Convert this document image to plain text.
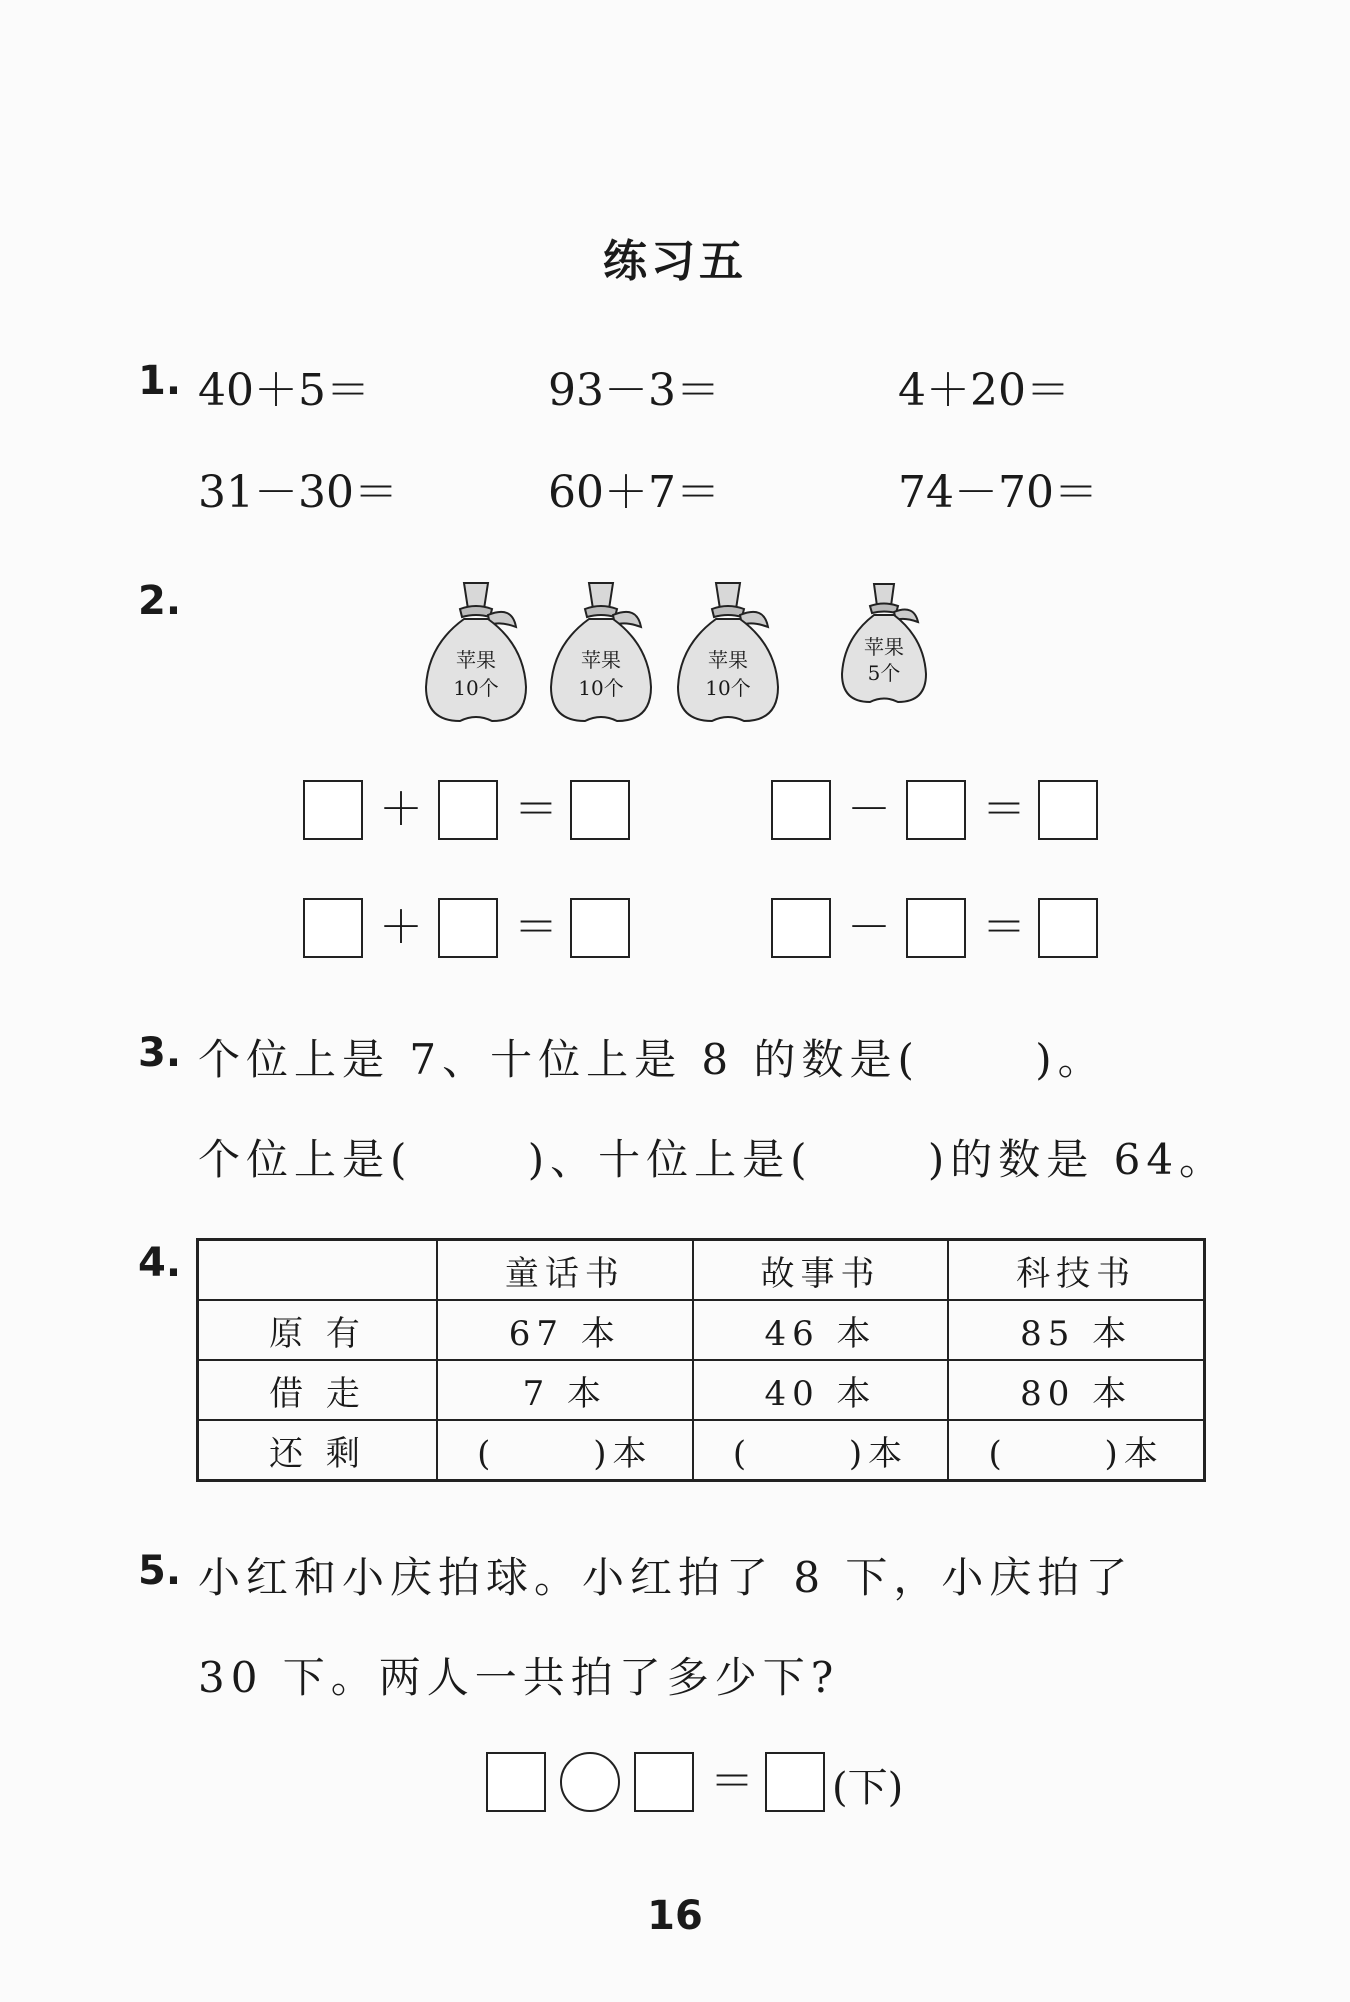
练习五
1. 40＋5＝	93－3＝	4＋20＝
31－30＝	60＋7＝	74－70＝
2.
苹果
10个
苹果
10个
苹果
10个
苹果
5个
＋ ＝	－ ＝
＋ ＝	－ ＝
3. 个位上是 7、十位上是 8 的数是(　　 )。
个位上是(　　 )、十位上是(　　 )的数是 64。
4.
		童话书	故事书	科技书
原 有	67 本	46 本	85 本
借 走	7 本	40 本	80 本
还 剩	(　　 )本	(　　 )本	(　　 )本
5. 小红和小庆拍球。小红拍了 8 下，小庆拍了
30 下。两人一共拍了多少下?
＝ (下)
16
